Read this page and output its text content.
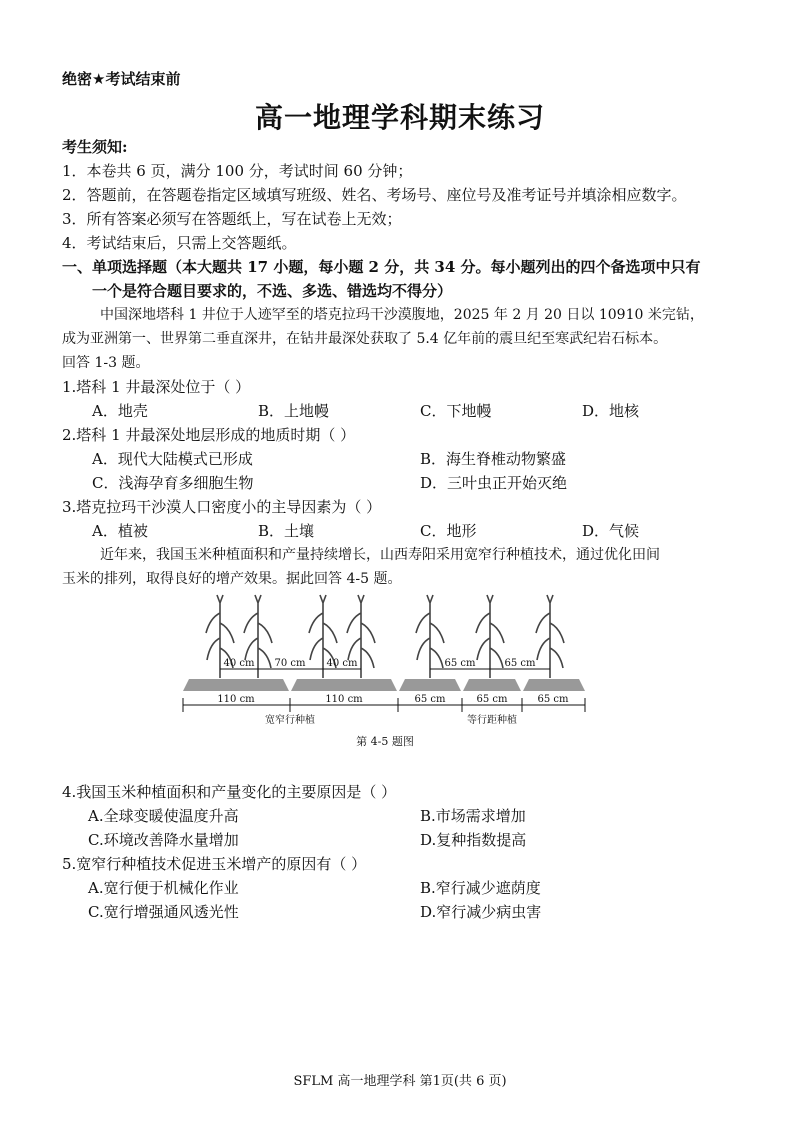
绝密★考试结束前
高一地理学科期末练习
考生须知:
1．本卷共 6 页，满分 100 分，考试时间 60 分钟；
2．答题前，在答题卷指定区域填写班级、姓名、考场号、座位号及准考证号并填涂相应数字。
3．所有答案必须写在答题纸上，写在试卷上无效；
4．考试结束后，只需上交答题纸。
一、单项选择题（本大题共 17 小题，每小题 2 分，共 34 分。每小题列出的四个备选项中只有
一个是符合题目要求的，不选、多选、错选均不得分）
中国深地塔科 1 井位于人迹罕至的塔克拉玛干沙漠腹地，2025 年 2 月 20 日以 10910 米完钻，
成为亚洲第一、世界第二垂直深井，在钻井最深处获取了 5.4 亿年前的震旦纪至寒武纪岩石标本。
回答 1-3 题。
1.塔科 1 井最深处位于（ ）
A．地壳	B．上地幔	C．下地幔	D．地核
2.塔科 1 井最深处地层形成的地质时期（ ）
A．现代大陆模式已形成	B．海生脊椎动物繁盛
C．浅海孕育多细胞生物	D．三叶虫正开始灭绝
3.塔克拉玛干沙漠人口密度小的主导因素为（ ）
A．植被	B．土壤	C．地形	D．气候
近年来，我国玉米种植面积和产量持续增长，山西寿阳采用宽窄行种植技术，通过优化田间
玉米的排列，取得良好的增产效果。据此回答 4-5 题。
40 cm 70 cm 40 cm	65 cm	65 cm
110 cm	110 cm	65 cm	65 cm	65 cm
宽窄行种植	等行距种植
第 4-5 题图
4.我国玉米种植面积和产量变化的主要原因是（ ）
A.全球变暖使温度升高	B.市场需求增加
C.环境改善降水量增加	D.复种指数提高
5.宽窄行种植技术促进玉米增产的原因有（ ）
A.宽行便于机械化作业	B.窄行减少遮荫度
C.宽行增强通风透光性	D.窄行减少病虫害
SFLM 高一地理学科 第1页(共 6 页)
